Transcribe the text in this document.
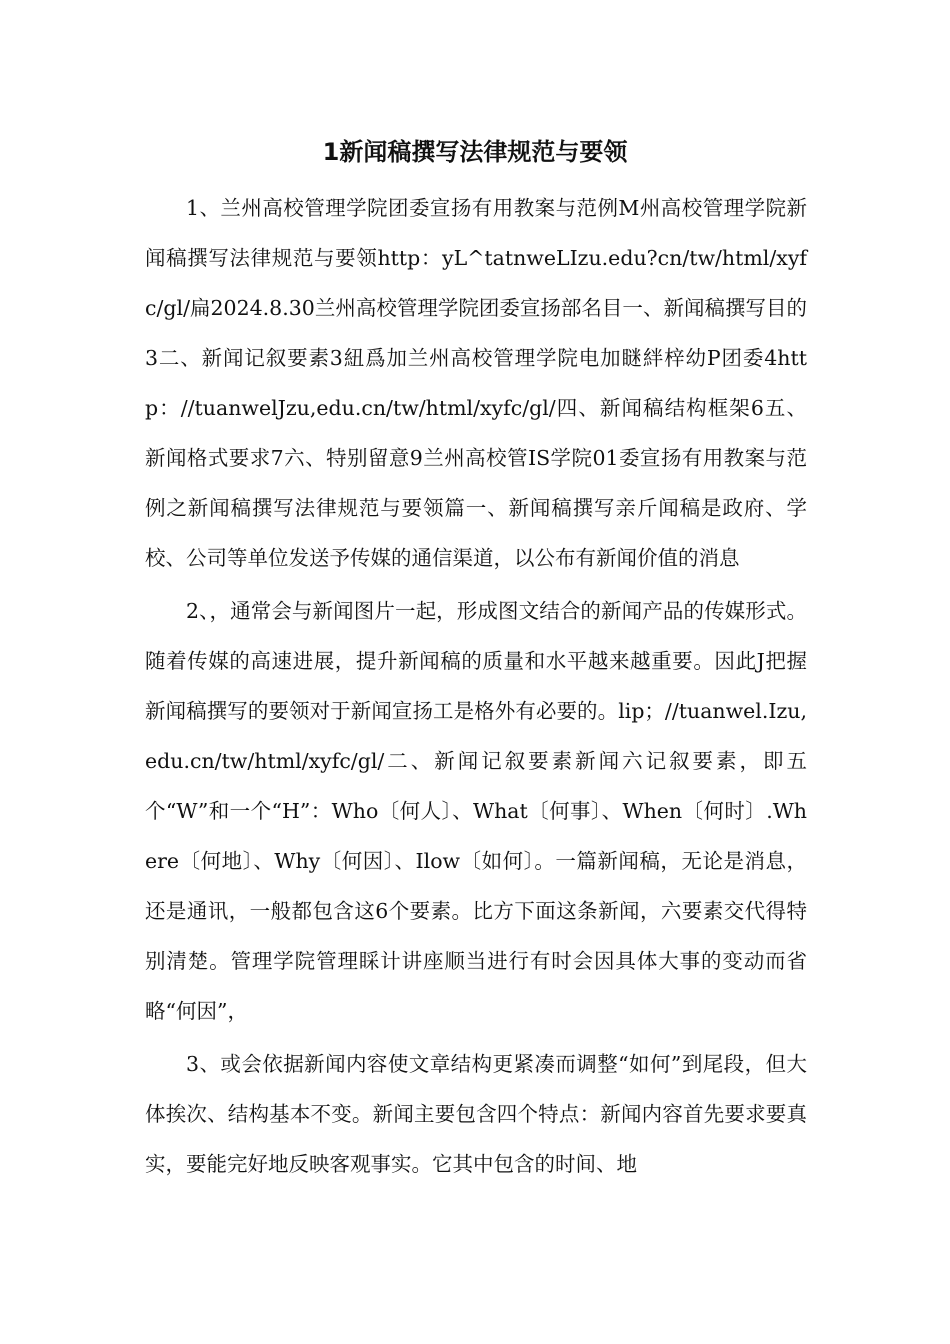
1新闻稿撰写法律规范与要领

1、兰州高校管理学院团委宣扬有用教案与范例M州高校管理学院新闻稿撰写法律规范与要领http：yL^tatnweLIzu.edu?cn/tw/html/xyfc/gl/扁2024.8.30兰州高校管理学院团委宣扬部名目一、新闻稿撰写目的3二、新闻记叙要素3紐爲加兰州高校管理学院电加瞇絆梓幼P团委4http：//tuanwelJzu,edu.cn/tw/html/xyfc/gl/四、新闻稿结构框架6五、新闻格式要求7六、特别留意9兰州高校管IS学院01委宣扬有用教案与范例之新闻稿撰写法律规范与要领篇一、新闻稿撰写亲斤闻稿是政府、学校、公司等单位发送予传媒的通信渠道，以公布有新闻价值的消息

2、，通常会与新闻图片一起，形成图文结合的新闻产品的传媒形式。随着传媒的高速进展，提升新闻稿的质量和水平越来越重要。因此J把握新闻稿撰写的要领对于新闻宣扬工是格外有必要的。lip；//tuanwel.Izu,edu.cn/tw/html/xyfc/gl/二、新闻记叙要素新闻六记叙要素，即五个“W”和一个“H”：Who〔何人〕、What〔何事〕、When〔何时〕.Where〔何地〕、Why〔何因〕、Ilow〔如何〕。一篇新闻稿，无论是消息，还是通讯，一般都包含这6个要素。比方下面这条新闻，六要素交代得特别清楚。管理学院管理睬计讲座顺当进行有时会因具体大事的变动而省略“何因”，

3、或会依据新闻内容使文章结构更紧凑而调整“如何”到尾段，但大体挨次、结构基本不变。新闻主要包含四个特点：新闻内容首先要求要真实，要能完好地反映客观事实。它其中包含的时间、地
